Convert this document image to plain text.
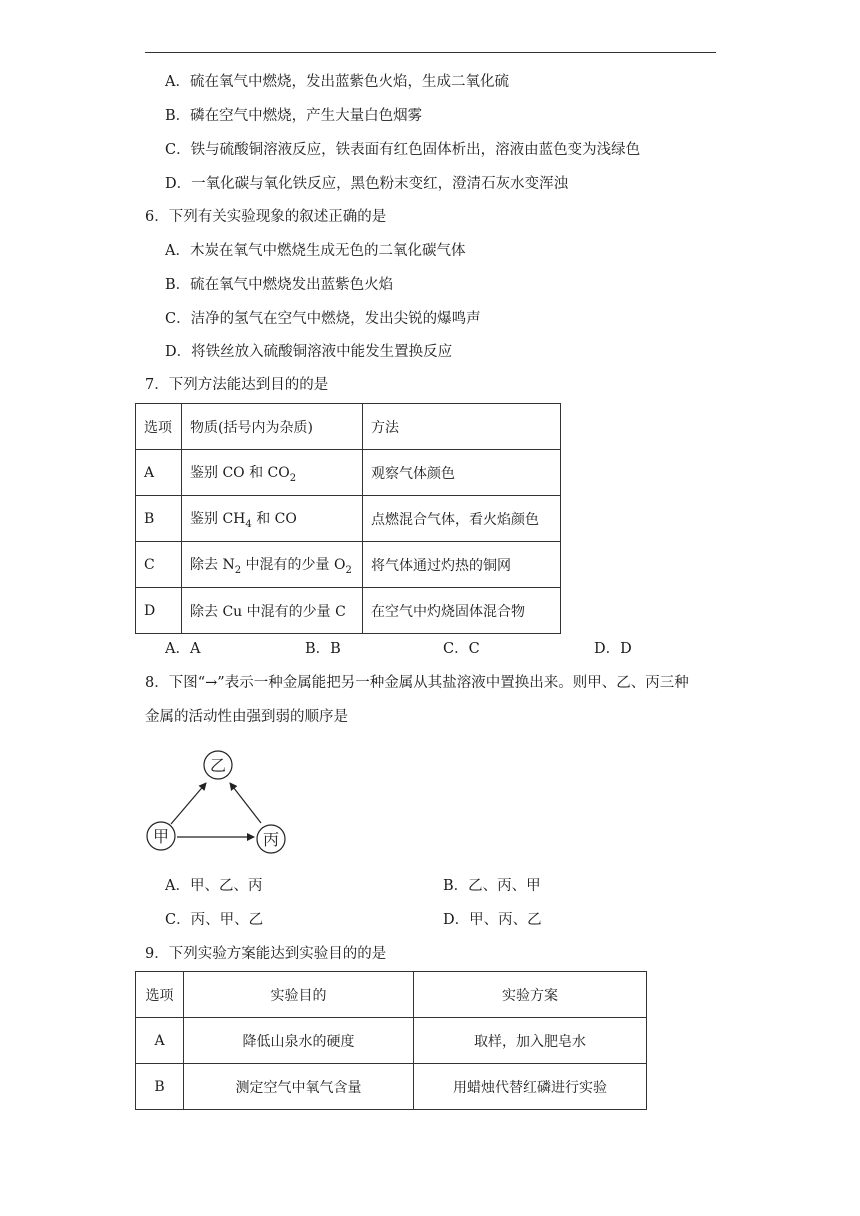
A．硫在氧气中燃烧，发出蓝紫色火焰，生成二氧化硫
B．磷在空气中燃烧，产生大量白色烟雾
C．铁与硫酸铜溶液反应，铁表面有红色固体析出，溶液由蓝色变为浅绿色
D．一氧化碳与氧化铁反应，黑色粉末变红，澄清石灰水变浑浊
6．下列有关实验现象的叙述正确的是
A．木炭在氧气中燃烧生成无色的二氧化碳气体
B．硫在氧气中燃烧发出蓝紫色火焰
C．洁净的氢气在空气中燃烧，发出尖锐的爆鸣声
D．将铁丝放入硫酸铜溶液中能发生置换反应
7．下列方法能达到目的的是
选项	物质(括号内为杂质)	方法
A	鉴别 CO 和 $CO_2$	观察气体颜色
B	鉴别 $CH_4$ 和 CO	点燃混合气体，看火焰颜色
C	除去 $N_2$ 中混有的少量 $O_2$	将气体通过灼热的铜网
D	除去 Cu 中混有的少量 C	在空气中灼烧固体混合物
A．A	B．B	C．C	D．D
8．下图“→”表示一种金属能把另一种金属从其盐溶液中置换出来。则甲、乙、丙三种
金属的活动性由强到弱的顺序是
乙
甲	丙
A．甲、乙、丙	B．乙、丙、甲
C．丙、甲、乙	D．甲、丙、乙
9．下列实验方案能达到实验目的的是
选项	实验目的	实验方案
A	降低山泉水的硬度	取样，加入肥皂水
B	测定空气中氧气含量	用蜡烛代替红磷进行实验
